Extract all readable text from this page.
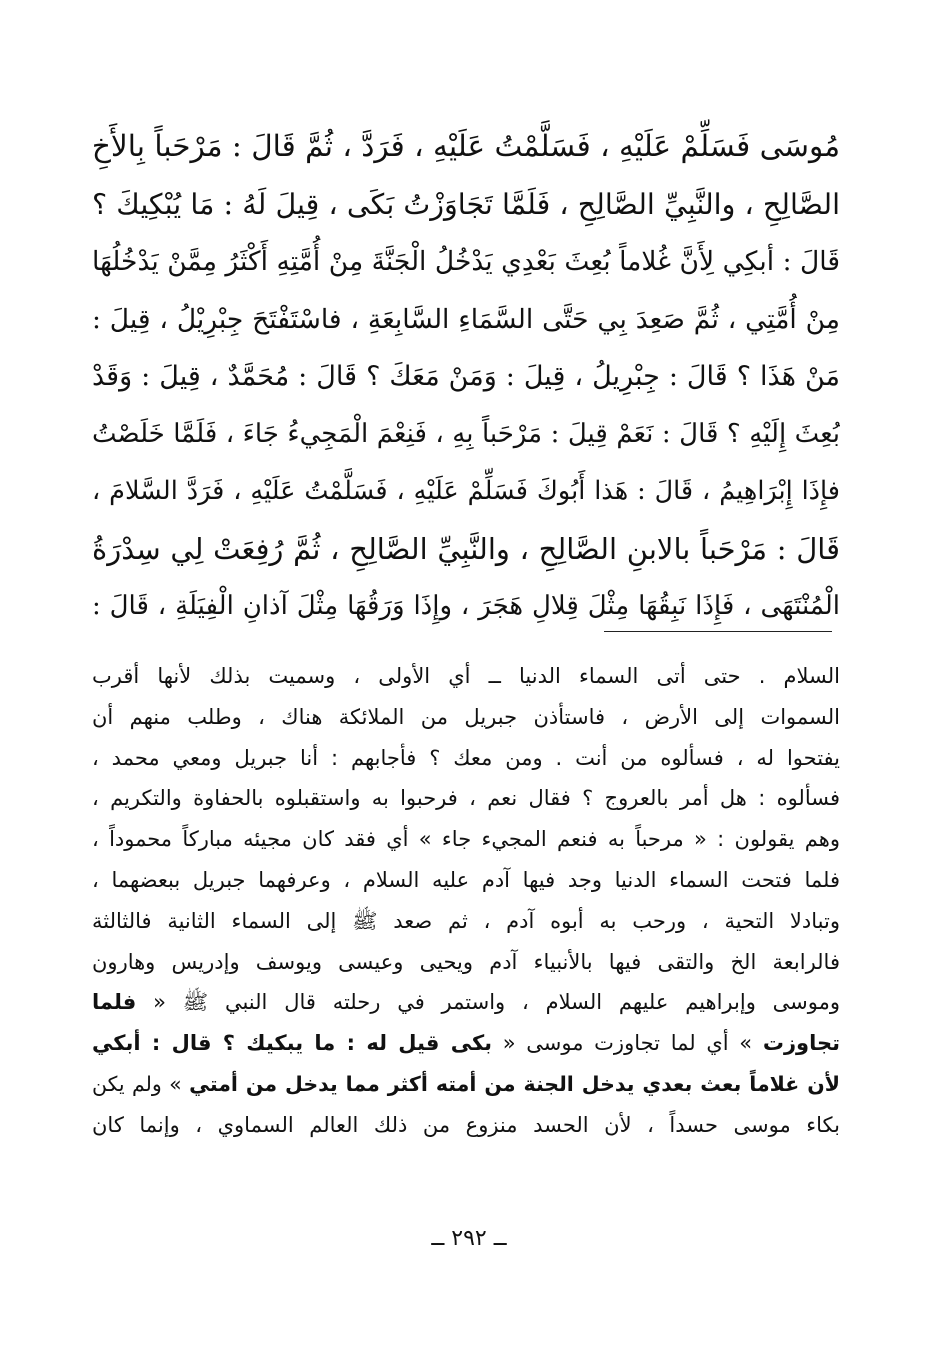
مُوسَى فَسَلِّمْ عَلَيْهِ ، فَسَلَّمْتُ عَلَيْهِ ، فَرَدَّ ، ثُمَّ قَالَ : مَرْحَباً بِالأَخِ
الصَّالِحِ ، والنَّبِيِّ الصَّالِحِ ، فَلَمَّا تَجَاوَزْتُ بَكَى ، قِيلَ لَهُ : مَا يُبْكِيكَ ؟
قَالَ : أبكِي لِأَنَّ غُلاماً بُعِثَ بَعْدِي يَدْخُلُ الْجَنَّةَ مِنْ أُمَّتِهِ أَكْثَرُ مِمَّنْ يَدْخُلُهَا
مِنْ أُمَّتِي ، ثُمَّ صَعِدَ بِي حَتَّى السَّمَاءِ السَّابِعَةِ ، فاسْتَفْتَحَ جِبْرِيْلُ ، قِيلَ :
مَنْ هَذَا ؟ قَالَ : جِبْرِيلُ ، قِيلَ : وَمَنْ مَعَكَ ؟ قَالَ : مُحَمَّدٌ ، قِيلَ : وَقَدْ
بُعِثَ إِلَيْهِ ؟ قَالَ : نَعَمْ قِيلَ : مَرْحَباً بِهِ ، فَنِعْمَ الْمَجِيءُ جَاءَ ، فَلَمَّا خَلَصْتُ
فإِذَا إِبْرَاهِيمُ ، قَالَ : هَذا أَبُوكَ فَسَلِّمْ عَلَيْهِ ، فَسَلَّمْتُ عَلَيْهِ ، فَرَدَّ السَّلامَ ،
قَالَ : مَرْحَباً بالابنِ الصَّالِحِ ، والنَّبِيِّ الصَّالِحِ ، ثُمَّ رُفِعَتْ لِي سِدْرَةُ
الْمُنْتَهَى ، فَإِذَا نَبِقُهَا مِثْلَ قِلالِ هَجَرَ ، وإِذَا وَرَقُهَا مِثْلَ آذانِ الْفِيَلَةِ ، قَالَ :
السلام . حتى أتى السماء الدنيا ــ أي الأولى ، وسميت بذلك لأنها أقرب
السموات إلى الأرض ، فاستأذن جبريل من الملائكة هناك ، وطلب منهم أن
يفتحوا له ، فسألوه من أنت . ومن معك ؟ فأجابهم : أنا جبريل ومعي محمد ،
فسألوه : هل أمر بالعروج ؟ فقال نعم ، فرحبوا به واستقبلوه بالحفاوة والتكريم ،
وهم يقولون : « مرحباً به فنعم المجيء جاء » أي فقد كان مجيئه مباركاً محموداً ،
فلما فتحت السماء الدنيا وجد فيها آدم عليه السلام ، وعرفهما جبريل ببعضهما ،
وتبادلا التحية ، ورحب به أبوه آدم ، ثم صعد ﷺ إلى السماء الثانية فالثالثة
فالرابعة الخ والتقى فيها بالأنبياء آدم ويحيى وعيسى ويوسف وإدريس وهارون
وموسى وإبراهيم عليهم السلام ، واستمر في رحلته قال النبي ﷺ « فلما
تجاوزت » أي لما تجاوزت موسى « بكى قيل له : ما يبكيك ؟ قال : أبكي
لأن غلاماً بعث بعدي يدخل الجنة من أمته أكثر مما يدخل من أمتي » ولم يكن
بكاء موسى حسداً ، لأن الحسد منزوع من ذلك العالم السماوي ، وإنما كان
ــ ٢٩٢ ــ
